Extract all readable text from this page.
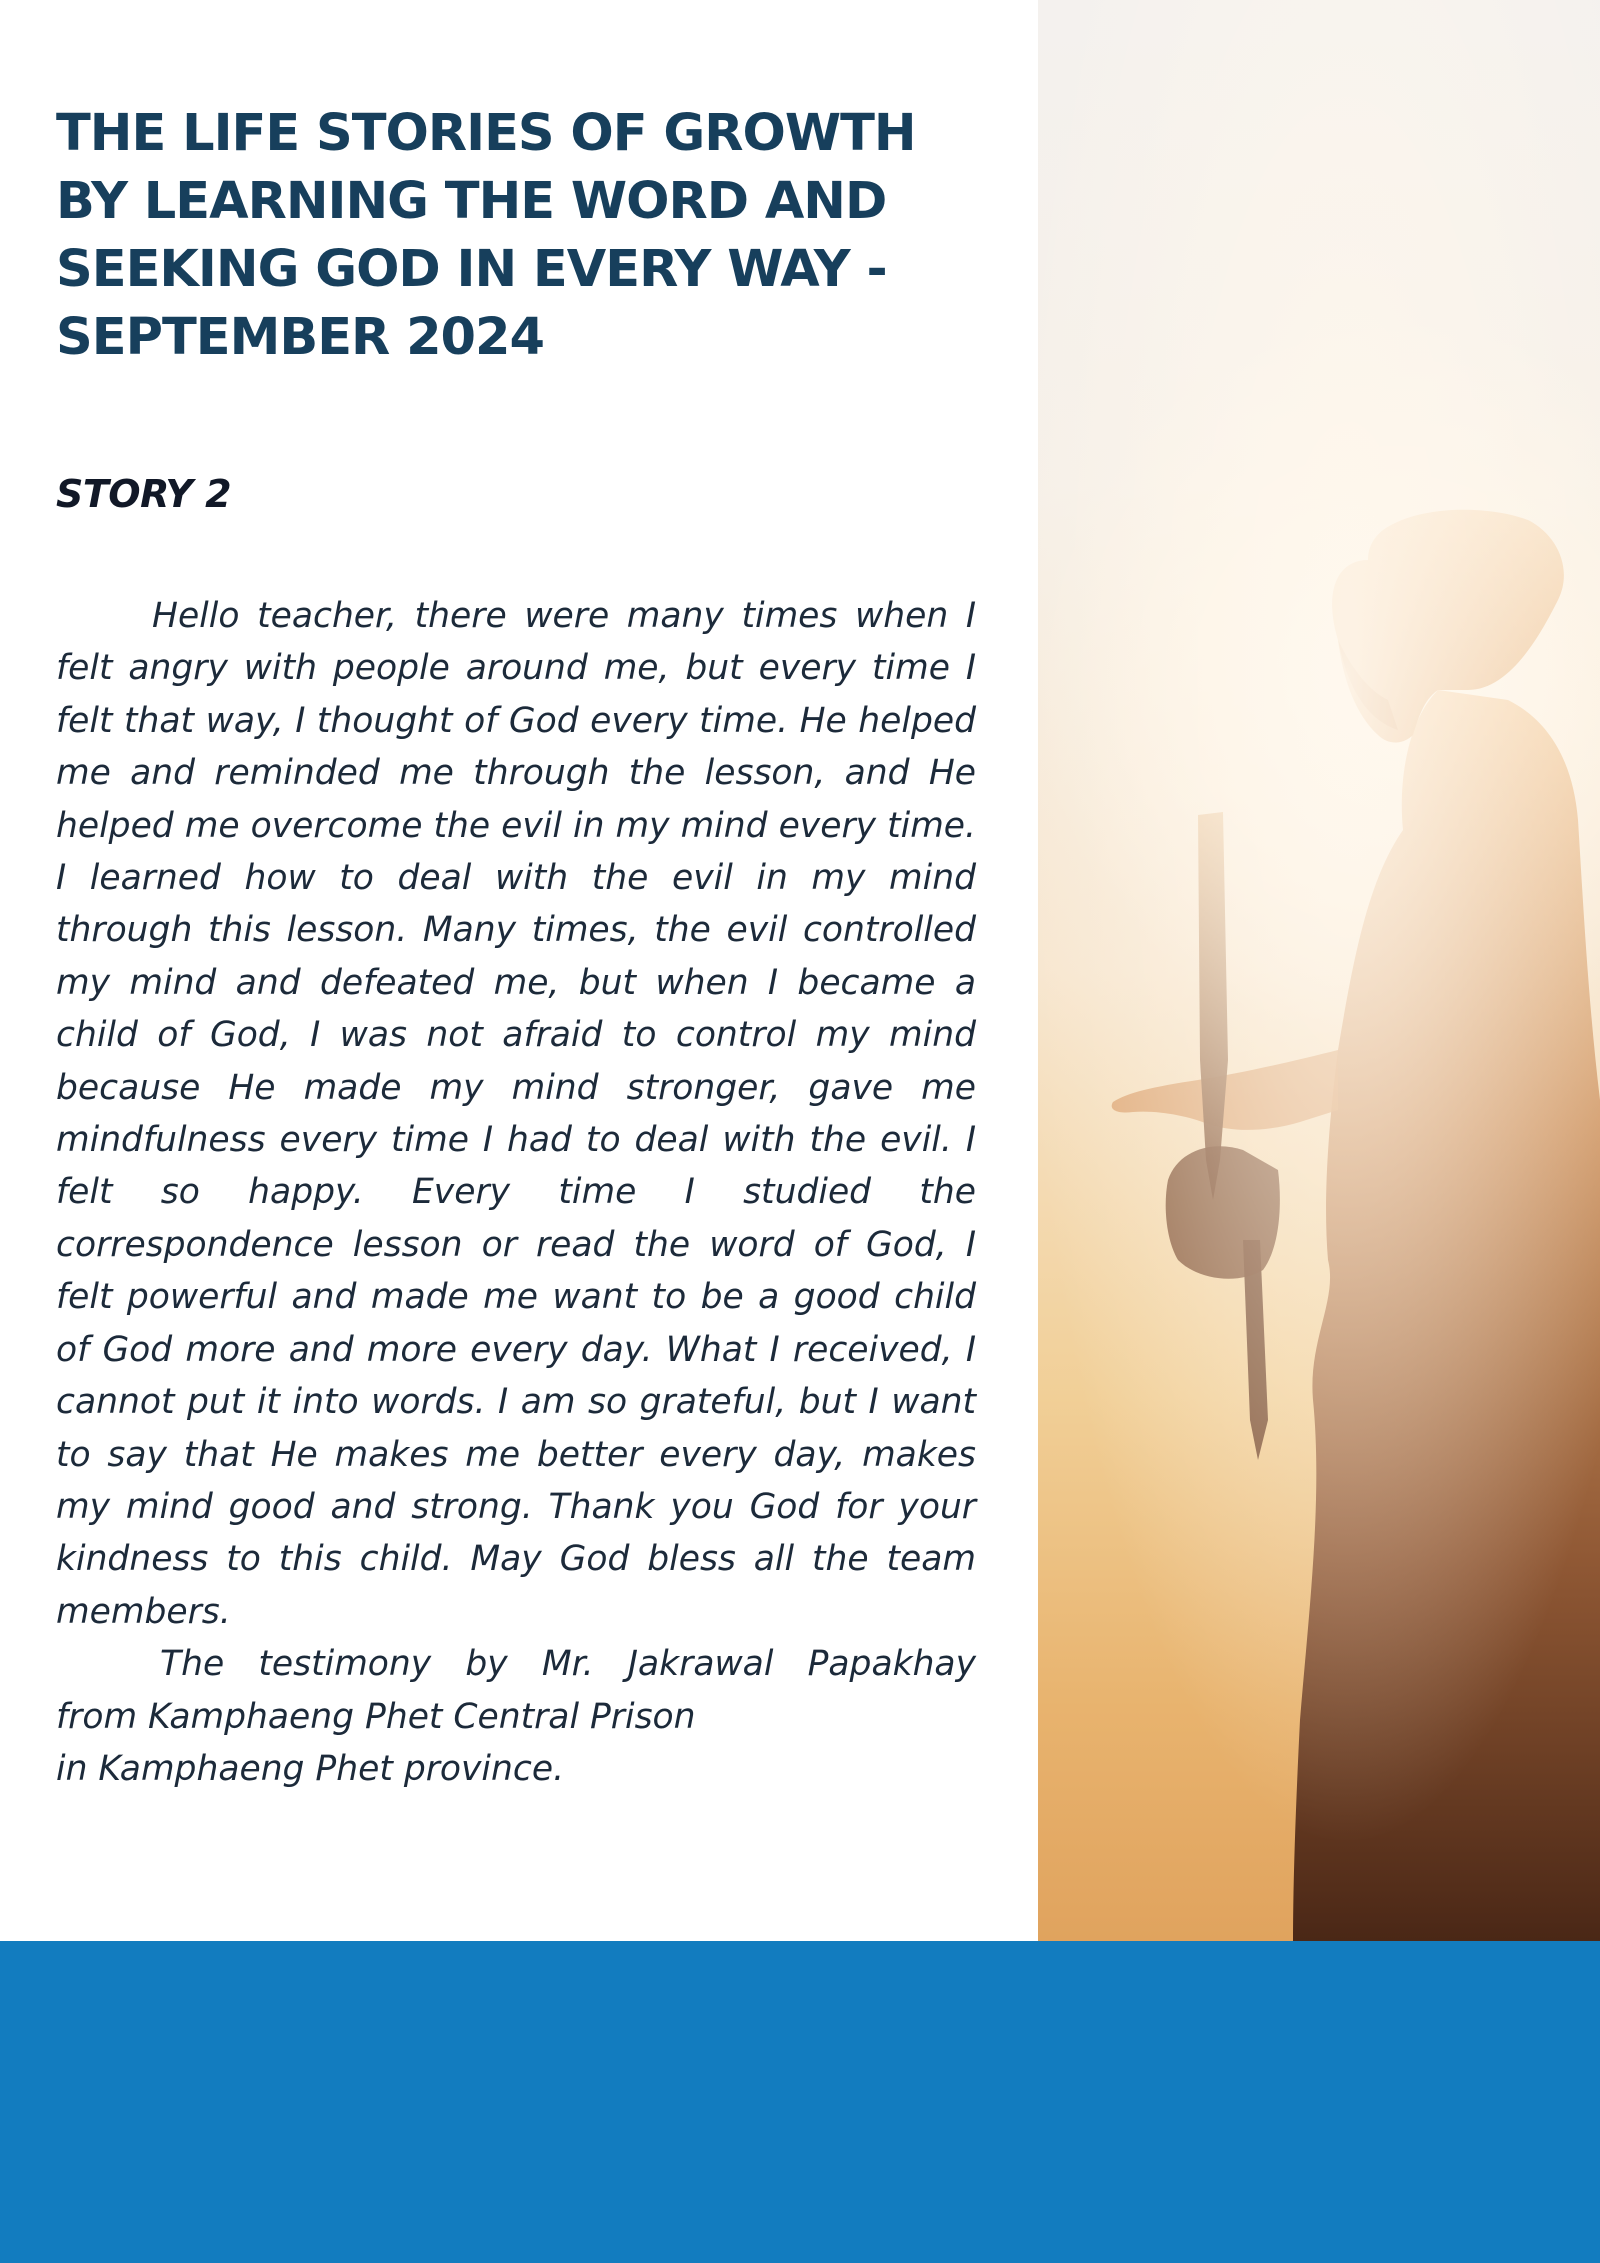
THE LIFE STORIES OF GROWTH
BY LEARNING THE WORD AND
SEEKING GOD IN EVERY WAY -
SEPTEMBER 2024
STORY 2

Hello teacher, there were many times when I felt angry with people around me, but every time I felt that way, I thought of God every time. He helped me and reminded me through the lesson, and He helped me overcome the evil in my mind every time. I learned how to deal with the evil in my mind through this lesson. Many times, the evil controlled my mind and defeated me, but when I became a child of God, I was not afraid to control my mind because He made my mind stronger, gave me mindfulness every time I had to deal with the evil. I felt so happy. Every time I studied the correspondence lesson or read the word of God, I felt powerful and made me want to be a good child of God more and more every day. What I received, I cannot put it into words. I am so grateful, but I want to say that He makes me better every day, makes my mind good and strong. Thank you God for your kindness to this child. May God bless all the team members.

The testimony by Mr. Jakrawal Papakhay
from Kamphaeng Phet Central Prison
in Kamphaeng Phet province.
